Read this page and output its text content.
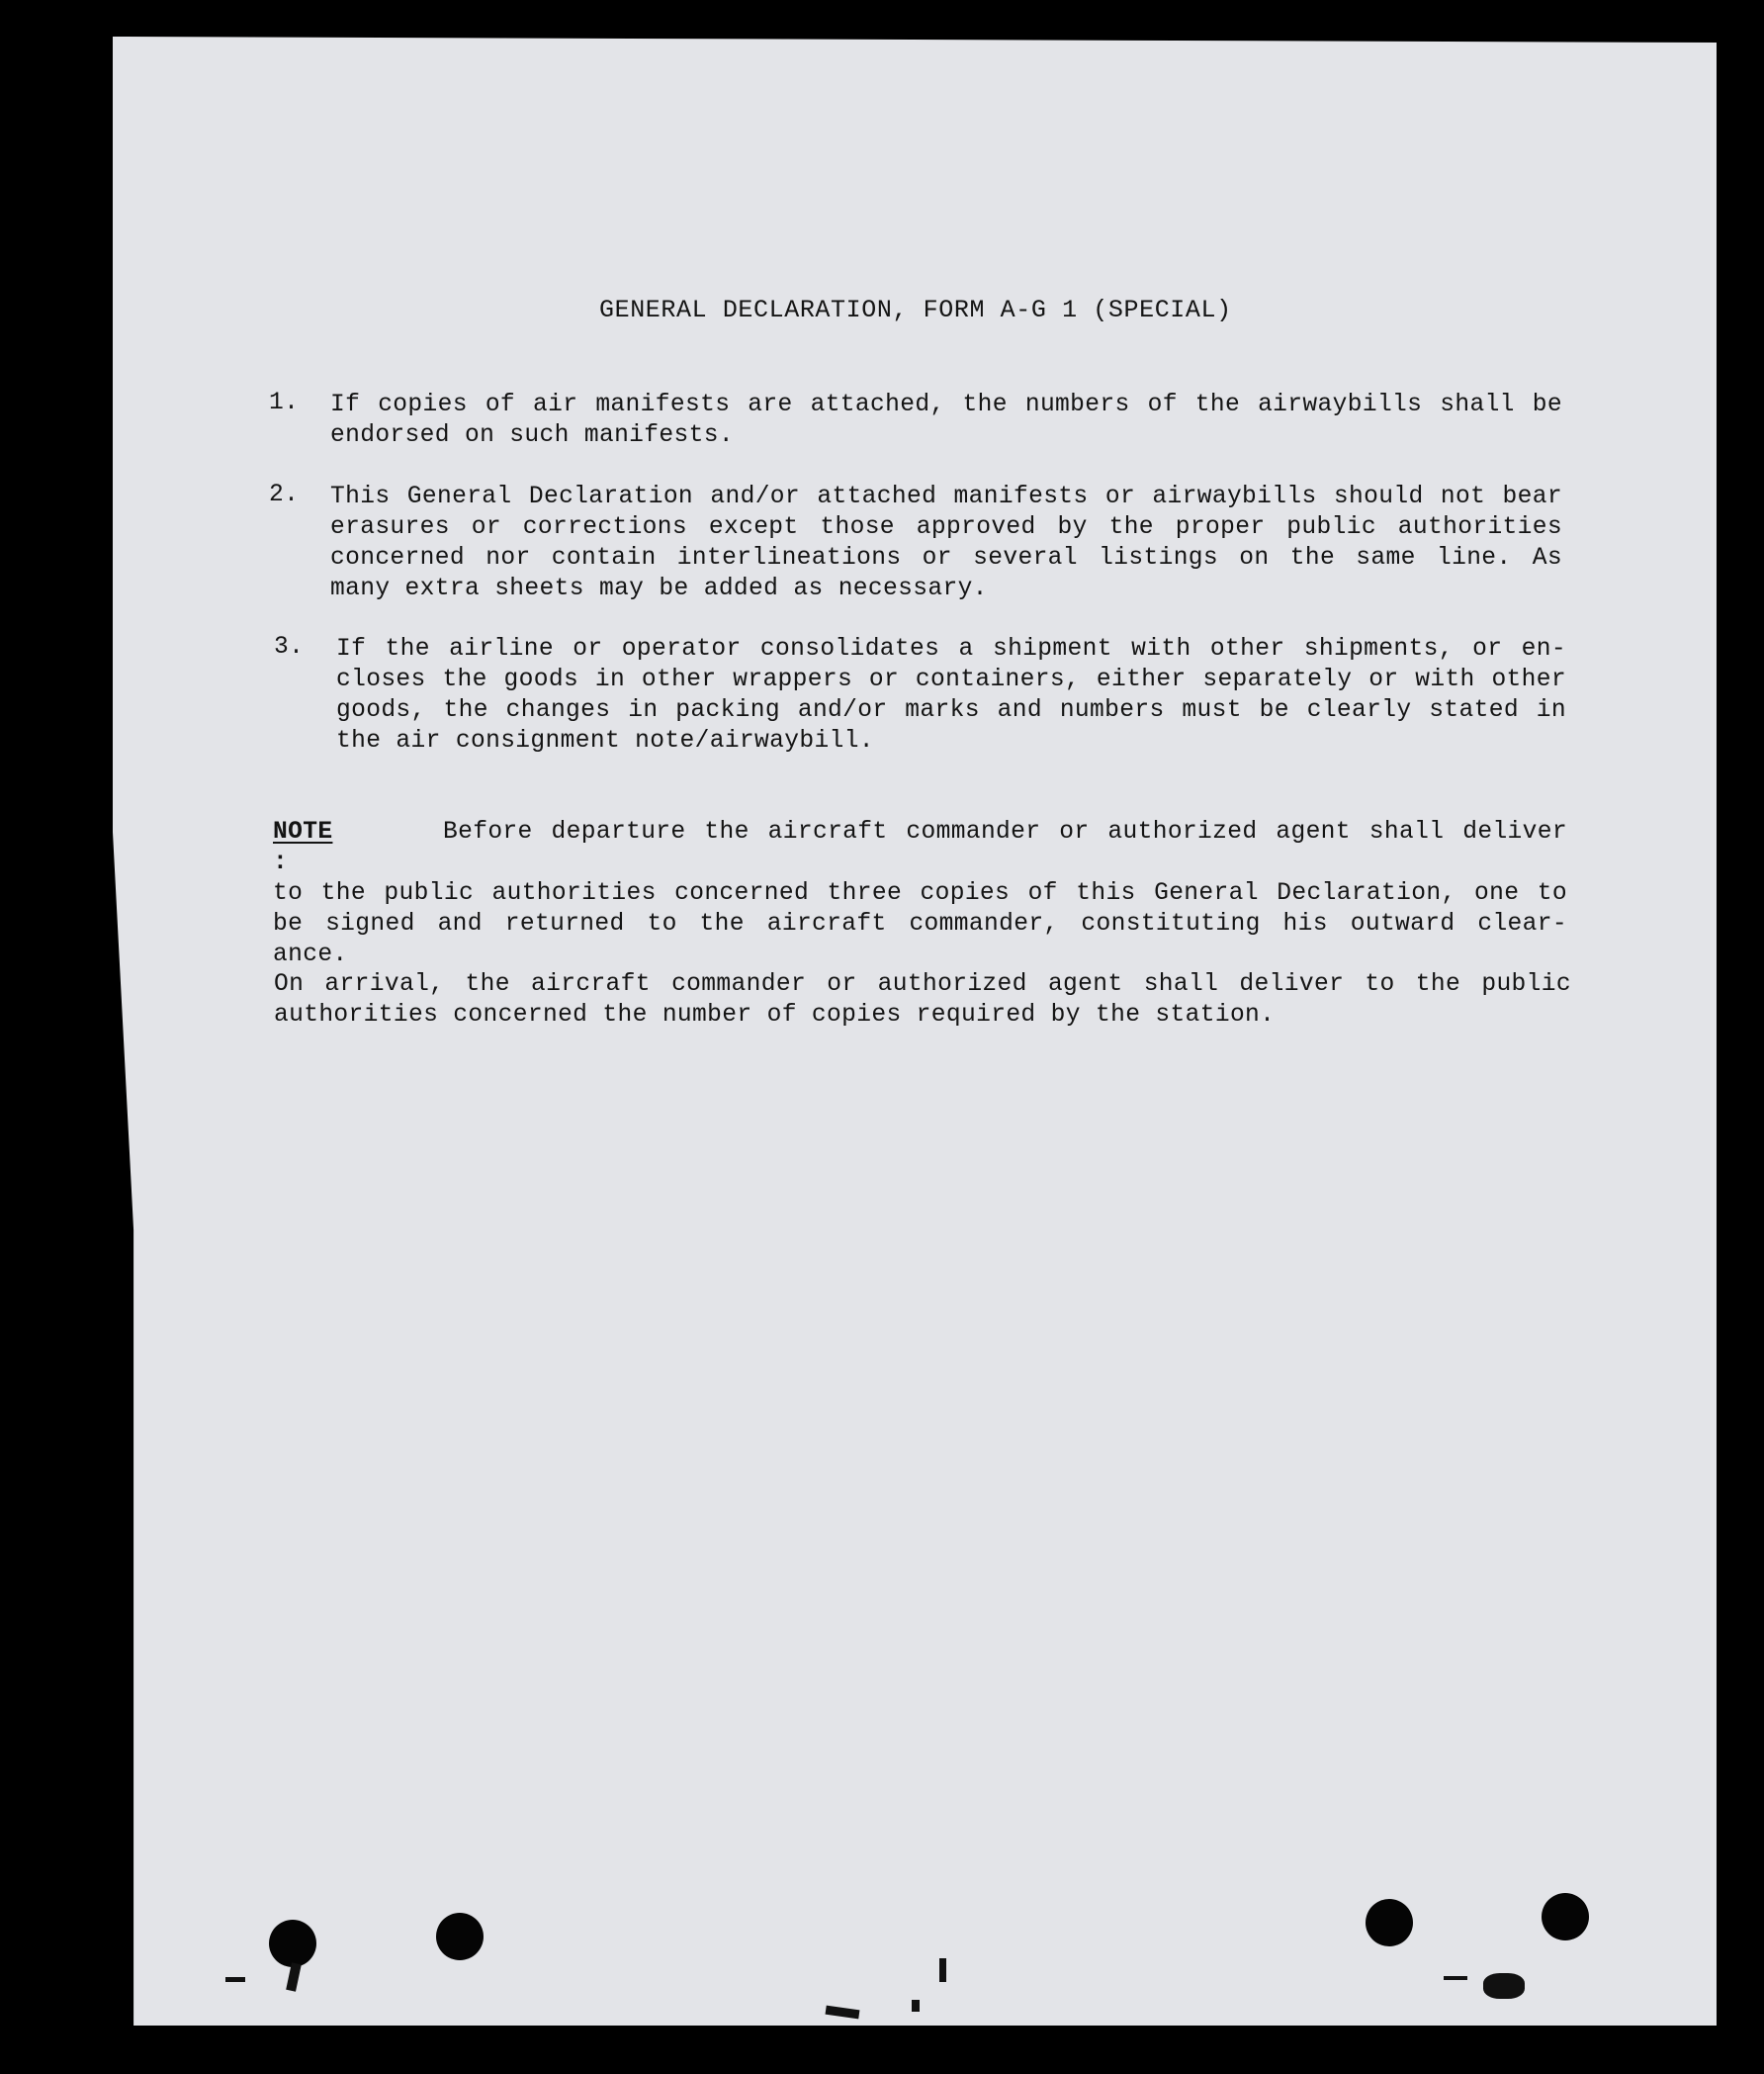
GENERAL DECLARATION, FORM A-G 1 (SPECIAL)
1. If copies of air manifests are attached, the numbers of the airwaybills shall be
endorsed on such manifests.
2. This General Declaration and/or attached manifests or airwaybills should not bear
erasures or corrections except those approved by the proper public authorities
concerned nor contain interlineations or several listings on the same line. As
many extra sheets may be added as necessary.
3. If the airline or operator consolidates a shipment with other shipments, or en-
closes the goods in other wrappers or containers, either separately or with other
goods, the changes in packing and/or marks and numbers must be clearly stated in
the air consignment note/airwaybill.
NOTE
:
Before departure the aircraft commander or authorized agent shall deliver
to the public authorities concerned three copies of this General Declaration, one to
be signed and returned to the aircraft commander, constituting his outward clear-
ance.
On arrival, the aircraft commander or authorized agent shall deliver to the public
authorities concerned the number of copies required by the station.
